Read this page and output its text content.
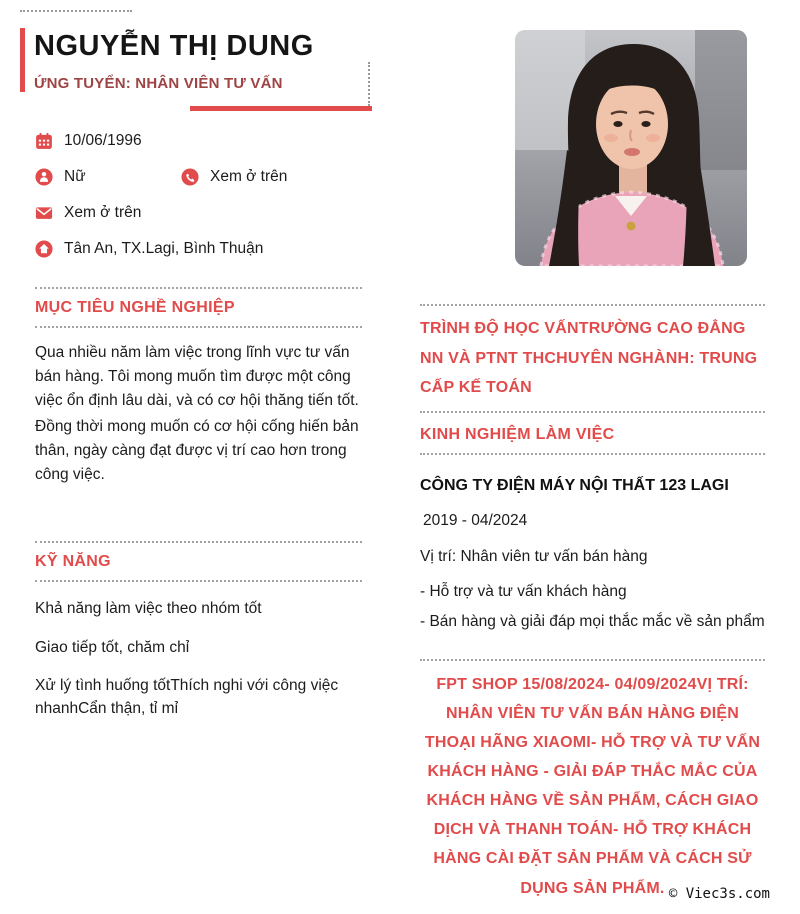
NGUYỄN THỊ DUNG
ỨNG TUYỂN: NHÂN VIÊN TƯ VẤN
10/06/1996
Nữ	Xem ở trên
Xem ở trên
Tân An, TX.Lagi, Bình Thuận
MỤC TIÊU NGHỀ NGHIỆP

Qua nhiều năm làm việc trong lĩnh vực tư vấn bán hàng. Tôi mong muốn tìm được một công việc ổn định lâu dài, và có cơ hội thăng tiến tốt.

Đồng thời mong muốn có cơ hội cống hiến bản thân, ngày càng đạt được vị trí cao hơn trong công việc.

KỸ NĂNG
Khả năng làm việc theo nhóm tốt
Giao tiếp tốt, chăm chỉ
Xử lý tình huống tốtThích nghi với công việc nhanhCẩn thận, tỉ mỉ
TRÌNH ĐỘ HỌC VẤNTRƯỜNG CAO ĐẲNG NN VÀ PTNT THCHUYÊN NGHÀNH: TRUNG CẤP KẾ TOÁN
KINH NGHIỆM LÀM VIỆC
CÔNG TY ĐIỆN MÁY NỘI THẤT 123 LAGI
2019 - 04/2024
Vị trí: Nhân viên tư vấn bán hàng
- Hỗ trợ và tư vấn khách hàng
- Bán hàng và giải đáp mọi thắc mắc về sản phẩm
FPT SHOP 15/08/2024- 04/09/2024VỊ TRÍ: NHÂN VIÊN TƯ VẤN BÁN HÀNG ĐIỆN THOẠI HÃNG XIAOMI- HỖ TRỢ VÀ TƯ VẤN KHÁCH HÀNG - GIẢI ĐÁP THẮC MẮC CỦA KHÁCH HÀNG VỀ SẢN PHẨM, CÁCH GIAO DỊCH VÀ THANH TOÁN- HỖ TRỢ KHÁCH HÀNG CÀI ĐẶT SẢN PHẨM VÀ CÁCH SỬ DỤNG SẢN PHẨM. © Viec3s.com
